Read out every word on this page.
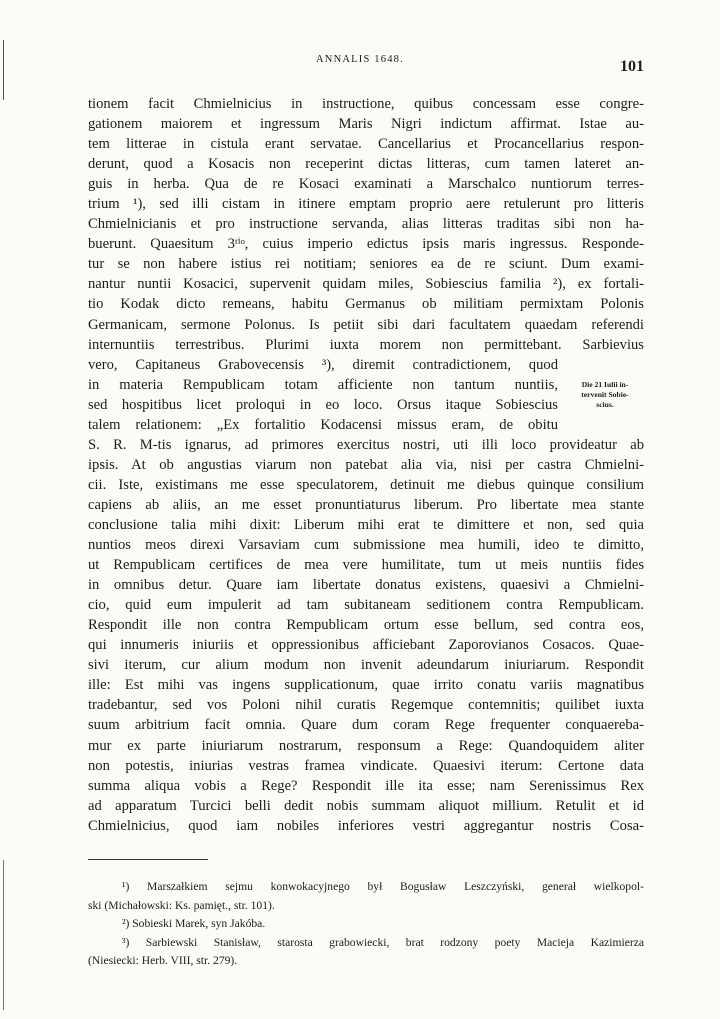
ANNALIS 1648.	101
tionem facit Chmielnicius in instructione, quibus concessam esse congre-
gationem maiorem et ingressum Maris Nigri indictum affirmat. Istae au-
tem litterae in cistula erant servatae. Cancellarius et Procancellarius respon-
derunt, quod a Kosacis non receperint dictas litteras, cum tamen lateret an-
guis in herba. Qua de re Kosaci examinati a Marschalco nuntiorum terres-
trium ¹), sed illi cistam in itinere emptam proprio aere retulerunt pro litteris
Chmielnicianis et pro instructione servanda, alias litteras traditas sibi non ha-
buerunt. Quaesitum 3ᵗⁱᵒ, cuius imperio edictus ipsis maris ingressus. Responde-
tur se non habere istius rei notitiam; seniores ea de re sciunt. Dum exami-
nantur nuntii Kosacici, supervenit quidam miles, Sobiescius familia ²), ex fortali-
tio Kodak dicto remeans, habitu Germanus ob militiam permixtam Polonis
Germanicam, sermone Polonus. Is petiit sibi dari facultatem quaedam referendi
internuntiis terrestribus. Plurimi iuxta morem non permittebant. Sarbievius
vero, Capitaneus Grabovecensis ³), diremit contradictionem, quod
in materia Rempublicam totam afficiente non tantum nuntiis,
sed hospitibus licet proloqui in eo loco. Orsus itaque Sobiescius
talem relationem: „Ex fortalitio Kodacensi missus eram, de obitu
S. R. M-tis ignarus, ad primores exercitus nostri, uti illi loco provideatur ab
ipsis. At ob angustias viarum non patebat alia via, nisi per castra Chmielni-
cii. Iste, existimans me esse speculatorem, detinuit me diebus quinque consilium
capiens ab aliis, an me esset pronuntiaturus liberum. Pro libertate mea stante
conclusione talia mihi dixit: Liberum mihi erat te dimittere et non, sed quia
nuntios meos direxi Varsaviam cum submissione mea humili, ideo te dimitto,
ut Rempublicam certifices de mea vere humilitate, tum ut meis nuntiis fides
in omnibus detur. Quare iam libertate donatus existens, quaesivi a Chmielni-
cio, quid eum impulerit ad tam subitaneam seditionem contra Rempublicam.
Respondit ille non contra Rempublicam ortum esse bellum, sed contra eos,
qui innumeris iniuriis et oppressionibus afficiebant Zaporovianos Cosacos. Quae-
sivi iterum, cur alium modum non invenit adeundarum iniuriarum. Respondit
ille: Est mihi vas ingens supplicationum, quae irrito conatu variis magnatibus
tradebantur, sed vos Poloni nihil curatis Regemque contemnitis; quilibet iuxta
suum arbitrium facit omnia. Quare dum coram Rege frequenter conquaereba-
mur ex parte iniuriarum nostrarum, responsum a Rege: Quandoquidem aliter
non potestis, iniurias vestras framea vindicate. Quaesivi iterum: Certone data
summa aliqua vobis a Rege? Respondit ille ita esse; nam Serenissimus Rex
ad apparatum Turcici belli dedit nobis summam aliquot millium. Retulit et id
Chmielnicius, quod iam nobiles inferiores vestri aggregantur nostris Cosa-
Die 21 Iulii in-
tervenit Sobie-
scius.
¹) Marszałkiem sejmu konwokacyjnego był Bogusław Leszczyński, generał wielkopol-
ski (Michałowski: Ks. pamięt., str. 101).
²) Sobieski Marek, syn Jakóba.
³) Sarbiewski Stanisław, starosta grabowiecki, brat rodzony poety Macieja Kazimierza
(Niesiecki: Herb. VIII, str. 279).
